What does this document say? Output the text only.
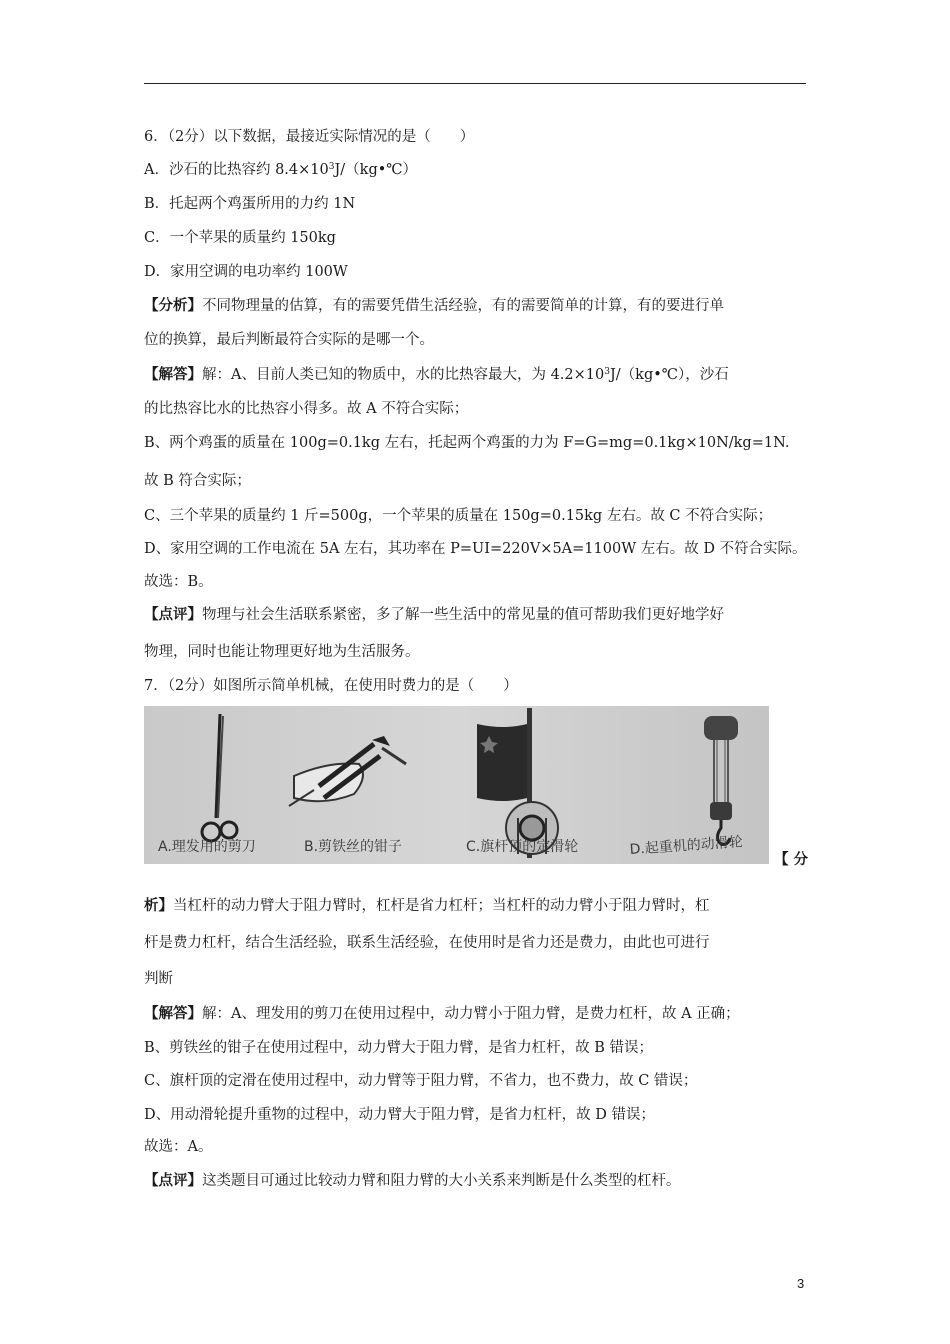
6．（2分）以下数据，最接近实际情况的是（　　）
A．沙石的比热容约 $8.4\times 10^3J/(kg•℃)$
B．托起两个鸡蛋所用的力约 1N
C．一个苹果的质量约 150kg
D．家用空调的电功率约 100W
【分析】不同物理量的估算，有的需要凭借生活经验，有的需要简单的计算，有的要进行单
位的换算，最后判断最符合实际的是哪一个。
【解答】解：A、目前人类已知的物质中，水的比热容最大，为 $4.2\times 10^3J/(kg•℃)$，沙石
的比热容比水的比热容小得多。故 A 不符合实际；
B、两个鸡蛋的质量在 100g=0.1kg 左右，托起两个鸡蛋的力为 F=G=mg=0.1kg×10N/kg=1N.
故 B 符合实际；
C、三个苹果的质量约 1 斤=500g，一个苹果的质量在 150g=0.15kg 左右。故 C 不符合实际；
D、家用空调的工作电流在 5A 左右，其功率在 P=UI=220V×5A=1100W 左右。故 D 不符合实际。
故选：B。
【点评】物理与社会生活联系紧密，多了解一些生活中的常见量的值可帮助我们更好地学好
物理，同时也能让物理更好地为生活服务。
7．（2分）如图所示简单机械，在使用时费力的是（　　）
A.理发用的剪刀	B.剪铁丝的钳子	C.旗杆顶的定滑轮	D.起重机的动滑轮
【 分
析】当杠杆的动力臂大于阻力臂时，杠杆是省力杠杆；当杠杆的动力臂小于阻力臂时，杠
杆是费力杠杆，结合生活经验，联系生活经验，在使用时是省力还是费力，由此也可进行
判断
【解答】解：A、理发用的剪刀在使用过程中，动力臂小于阻力臂，是费力杠杆，故 A 正确；
B、剪铁丝的钳子在使用过程中，动力臂大于阻力臂，是省力杠杆，故 B 错误；
C、旗杆顶的定滑在使用过程中，动力臂等于阻力臂，不省力，也不费力，故 C 错误；
D、用动滑轮提升重物的过程中，动力臂大于阻力臂，是省力杠杆，故 D 错误；
故选：A。
【点评】这类题目可通过比较动力臂和阻力臂的大小关系来判断是什么类型的杠杆。
3
